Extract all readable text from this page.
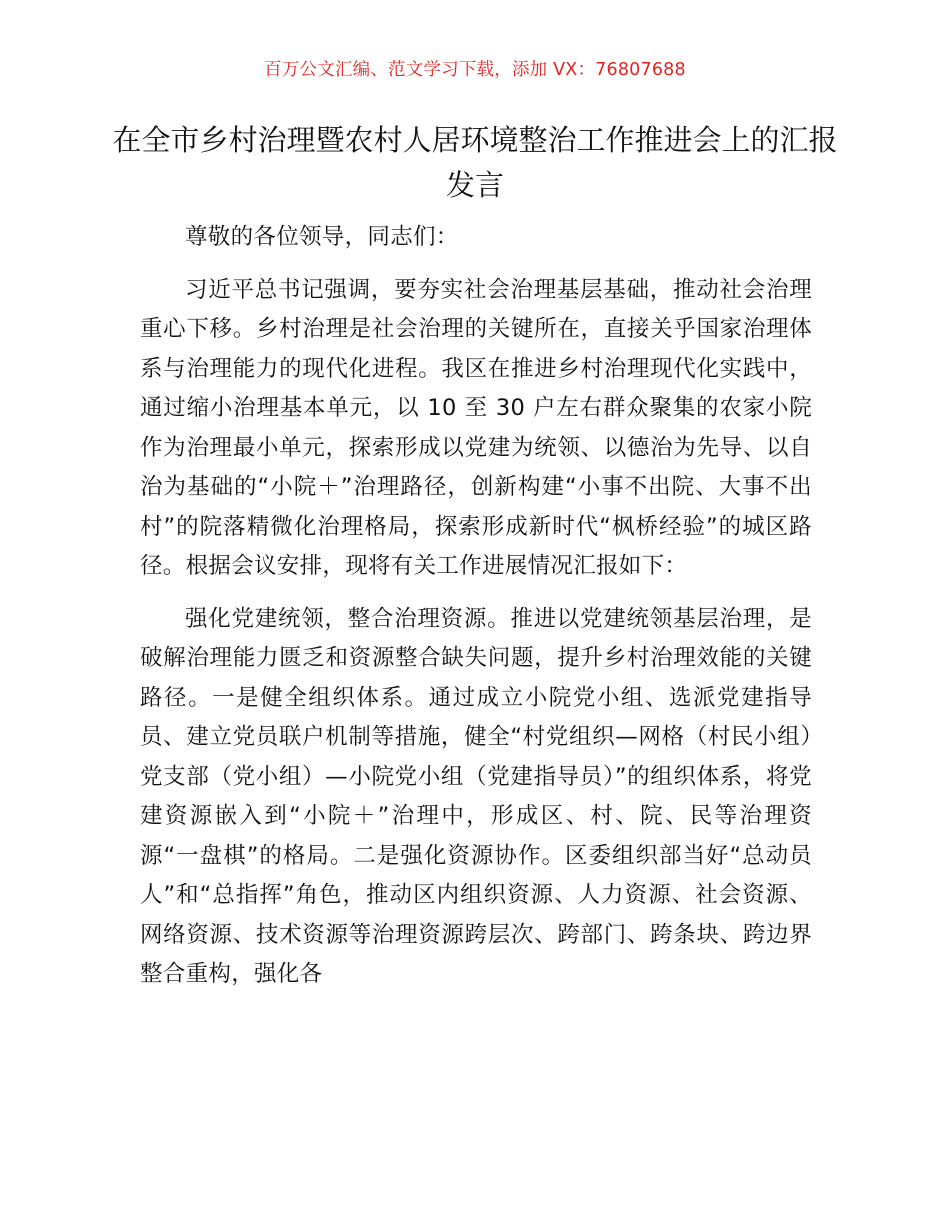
百万公文汇编、范文学习下载，添加 VX：76807688
在全市乡村治理暨农村人居环境整治工作推进会上的汇报发言

尊敬的各位领导，同志们：

习近平总书记强调，要夯实社会治理基层基础，推动社会治理重心下移。乡村治理是社会治理的关键所在，直接关乎国家治理体系与治理能力的现代化进程。我区在推进乡村治理现代化实践中，通过缩小治理基本单元，以 10 至 30 户左右群众聚集的农家小院作为治理最小单元，探索形成以党建为统领、以德治为先导、以自治为基础的“小院＋”治理路径，创新构建“小事不出院、大事不出村”的院落精微化治理格局，探索形成新时代“枫桥经验”的城区路径。根据会议安排，现将有关工作进展情况汇报如下：

强化党建统领，整合治理资源。推进以党建统领基层治理，是破解治理能力匮乏和资源整合缺失问题，提升乡村治理效能的关键路径。一是健全组织体系。通过成立小院党小组、选派党建指导员、建立党员联户机制等措施，健全“村党组织—网格（村民小组）党支部（党小组）—小院党小组（党建指导员）”的组织体系，将党建资源嵌入到“小院＋”治理中，形成区、村、院、民等治理资源“一盘棋”的格局。二是强化资源协作。区委组织部当好“总动员人”和“总指挥”角色，推动区内组织资源、人力资源、社会资源、网络资源、技术资源等治理资源跨层次、跨部门、跨条块、跨边界整合重构，强化各
